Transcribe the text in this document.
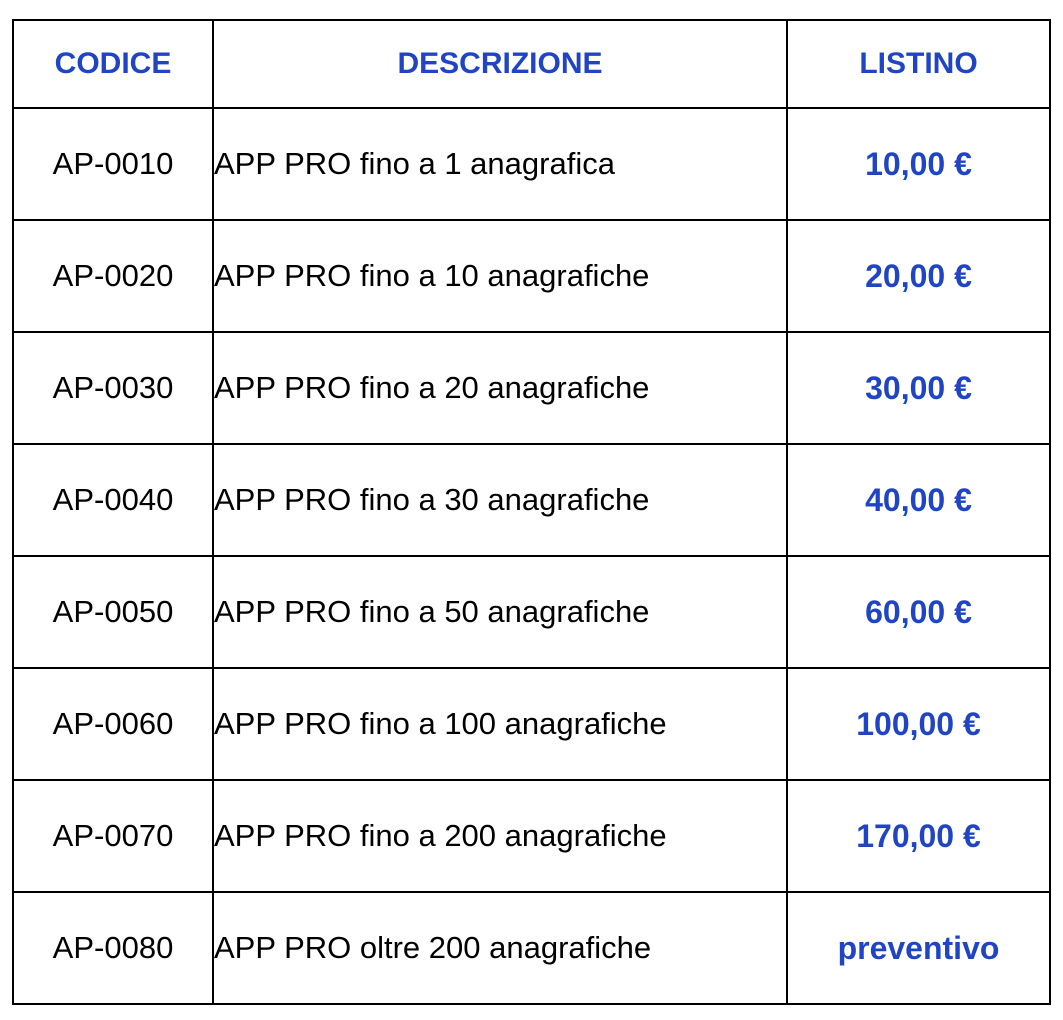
CODICE	DESCRIZIONE	LISTINO
AP-0010	APP PRO fino a 1 anagrafica	10,00 €
AP-0020	APP PRO fino a 10 anagrafiche	20,00 €
AP-0030	APP PRO fino a 20 anagrafiche	30,00 €
AP-0040	APP PRO fino a 30 anagrafiche	40,00 €
AP-0050	APP PRO fino a 50 anagrafiche	60,00 €
AP-0060	APP PRO fino a 100 anagrafiche	100,00 €
AP-0070	APP PRO fino a 200 anagrafiche	170,00 €
AP-0080	APP PRO oltre 200 anagrafiche	preventivo
